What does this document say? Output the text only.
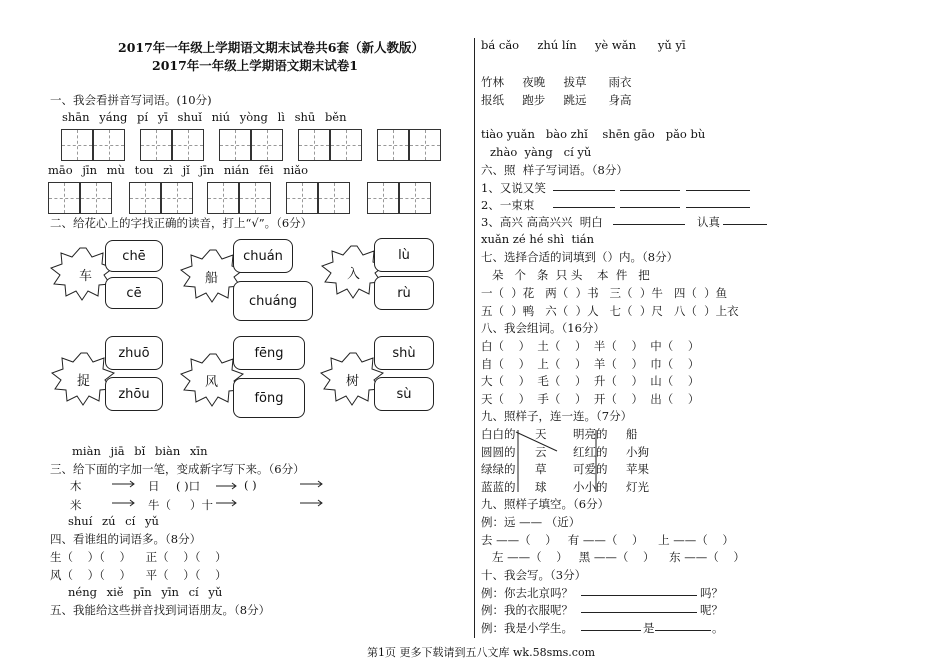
2017年一年级上学期语文期末试卷共6套（新人教版）
2017年一年级上学期语文期末试卷1
一、我会看拼音写词语。(10分)
shān yáng pí yī shuǐ niú yòng lì shū běn
māo jīn mù tou zì jǐ jīn nián fēi niǎo
二、给花心上的字找正确的读音，打上“√”。（6分）
车	船	入
捉	风	树
chē
cē
chuán
chuáng
lù
rù
zhuō
zhōu
fēng
fōng
shù
sù
miàn jiā bǐ biàn xīn
三、给下面的字加一笔，变成新字写下来。（6分）
木	日 ( )口	( )
米	牛（ ）十
shuí zú cí yǔ
四、看谁组的词语多。（8分）
生（    ）（    ）    正（    ）（    ）
风（    ）（    ）    平（    ）（    ）
néng xiě pīn yīn cí yǔ
五、我能给这些拼音找到词语朋友。（8分）
bá cǎo     zhú lín     yè wǎn      yǔ yī
竹林     夜晚     拔草      雨衣
报纸     跑步     跳远      身高
tiào yuǎn   bào zhǐ    shēn gāo   pǎo bù
zhào  yàng   cí yǔ
六、照  样子写词语。（8分）
1、又说又笑
2、一束束
3、高兴 高高兴兴  明白	认真
xuǎn zé hé shì  tián
七、选择合适的词填到（）内。（8分）
朵   个   条  只 头    本  件   把
一（  ）花   两（  ）书   三（  ）牛   四（  ）鱼
五（  ）鸭   六（  ）人   七（  ）尺   八（  ）上衣
八、我会组词。（16分）
白（    ）  土（    ）  半（    ）  中（    ）
自（    ）  上（    ）  羊（    ）  巾（    ）
大（    ）  毛（    ）  升（    ）  山（    ）
天（    ）  手（    ）  开（    ）  出（    ）
九、照样子，连一连。（7分）
白白的 天 明亮的 船
圆圆的 云 红红的 小狗
绿绿的 草 可爱的 苹果
蓝蓝的 球 小小的 灯光
九、照样子填空。（6分）
例：远 —— （近）
去 ——（    ）   有 ——（    ）    上 ——（    ）
左 ——（    ）   黑 ——（    ）    东 ——（    ）
十、我会写。（3分）
例：你去北京吗？	吗？
例：我的衣服呢？	呢？
例：我是小学生。	是	。
第1页 更多下载请到五八文库 wk.58sms.com
